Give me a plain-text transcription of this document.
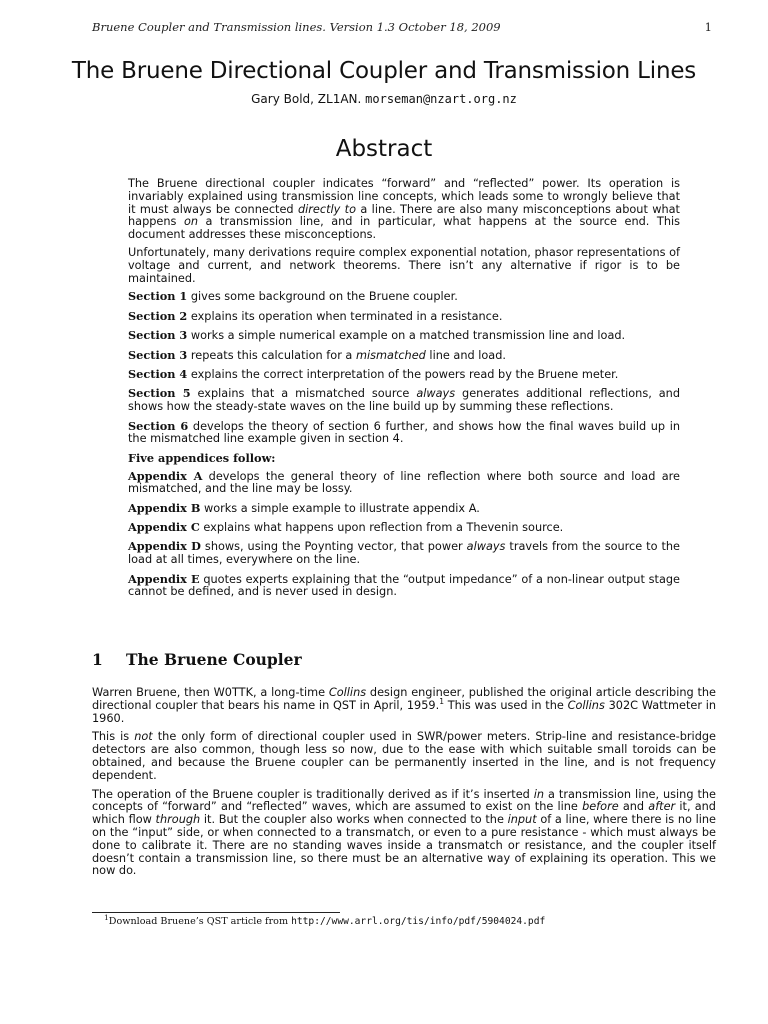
Bruene Coupler and Transmission lines. Version 1.3 October 18, 2009	1
The Bruene Directional Coupler and Transmission Lines
Gary Bold, ZL1AN. morseman@nzart.org.nz
Abstract

The Bruene directional coupler indicates “forward” and “reflected” power. Its operation is invariably explained using transmission line concepts, which leads some to wrongly believe that it must always be connected directly to a line. There are also many misconceptions about what happens on a transmission line, and in particular, what happens at the source end. This document addresses these misconceptions.

Unfortunately, many derivations require complex exponential notation, phasor representations of voltage and current, and network theorems. There isn’t any alternative if rigor is to be maintained.

Section 1 gives some background on the Bruene coupler.
Section 2 explains its operation when terminated in a resistance.
Section 3 works a simple numerical example on a matched transmission line and load.
Section 3 repeats this calculation for a mismatched line and load.
Section 4 explains the correct interpretation of the powers read by the Bruene meter.
Section 5 explains that a mismatched source always generates additional reflections, and shows how the steady-state waves on the line build up by summing these reflections.
Section 6 develops the theory of section 6 further, and shows how the final waves build up in the mismatched line example given in section 4.
Five appendices follow:
Appendix A develops the general theory of line reflection where both source and load are mismatched, and the line may be lossy.
Appendix B works a simple example to illustrate appendix A.
Appendix C explains what happens upon reflection from a Thevenin source.
Appendix D shows, using the Poynting vector, that power always travels from the source to the load at all times, everywhere on the line.
Appendix E quotes experts explaining that the “output impedance” of a non-linear output stage cannot be defined, and is never used in design.
1 The Bruene Coupler

Warren Bruene, then W0TTK, a long-time Collins design engineer, published the original article describing the directional coupler that bears his name in QST in April, 1959.$^1$ This was used in the Collins 302C Wattmeter in 1960.

This is not the only form of directional coupler used in SWR/power meters. Strip-line and resistance-bridge detectors are also common, though less so now, due to the ease with which suitable small toroids can be obtained, and because the Bruene coupler can be permanently inserted in the line, and is not frequency dependent.

The operation of the Bruene coupler is traditionally derived as if it’s inserted in a transmission line, using the concepts of “forward” and “reflected” waves, which are assumed to exist on the line before and after it, and which flow through it. But the coupler also works when connected to the input of a line, where there is no line on the “input” side, or when connected to a transmatch, or even to a pure resistance - which must always be done to calibrate it. There are no standing waves inside a transmatch or resistance, and the coupler itself doesn’t contain a transmission line, so there must be an alternative way of explaining its operation. This we now do.

$^1$Download Bruene’s QST article from http://www.arrl.org/tis/info/pdf/5904024.pdf
